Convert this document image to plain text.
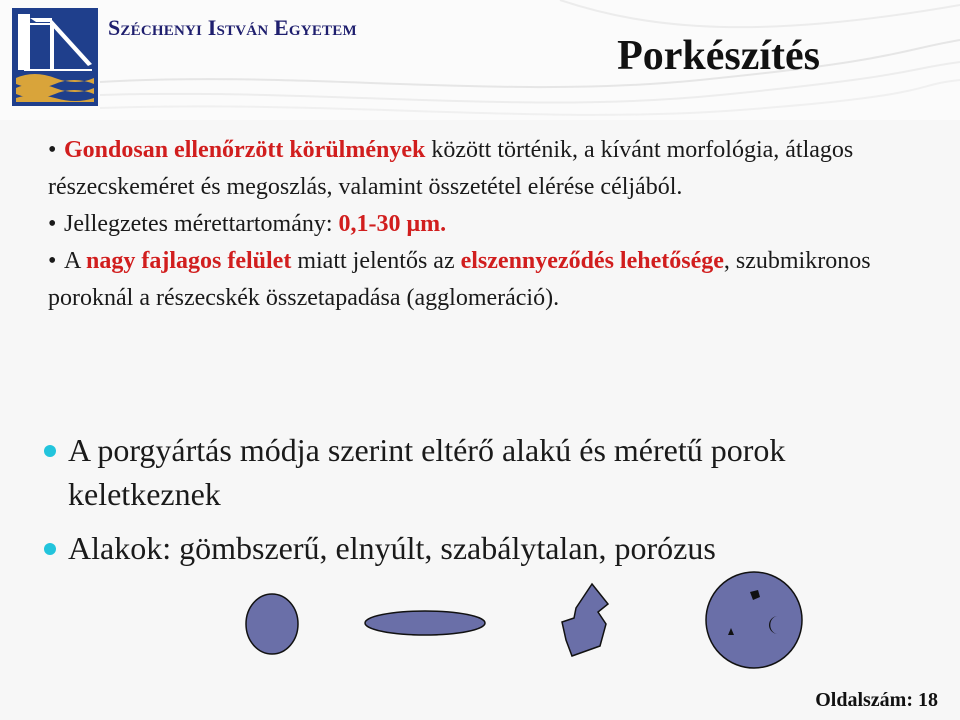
Széchenyi István Egyetem
Porkészítés

• Gondosan ellenőrzött körülmények között történik, a kívánt morfológia, átlagos részecskeméret és megoszlás, valamint összetétel elérése céljából.

• Jellegzetes mérettartomány: 0,1-30 μm.

• A nagy fajlagos felület miatt jelentős az elszennyeződés lehetősége, szubmikronos poroknál a részecskék összetapadása (agglomeráció).

A porgyártás módja szerint eltérő alakú és méretű porok keletkeznek

Alakok: gömbszerű, elnyúlt, szabálytalan, porózus

Oldalszám: 18
